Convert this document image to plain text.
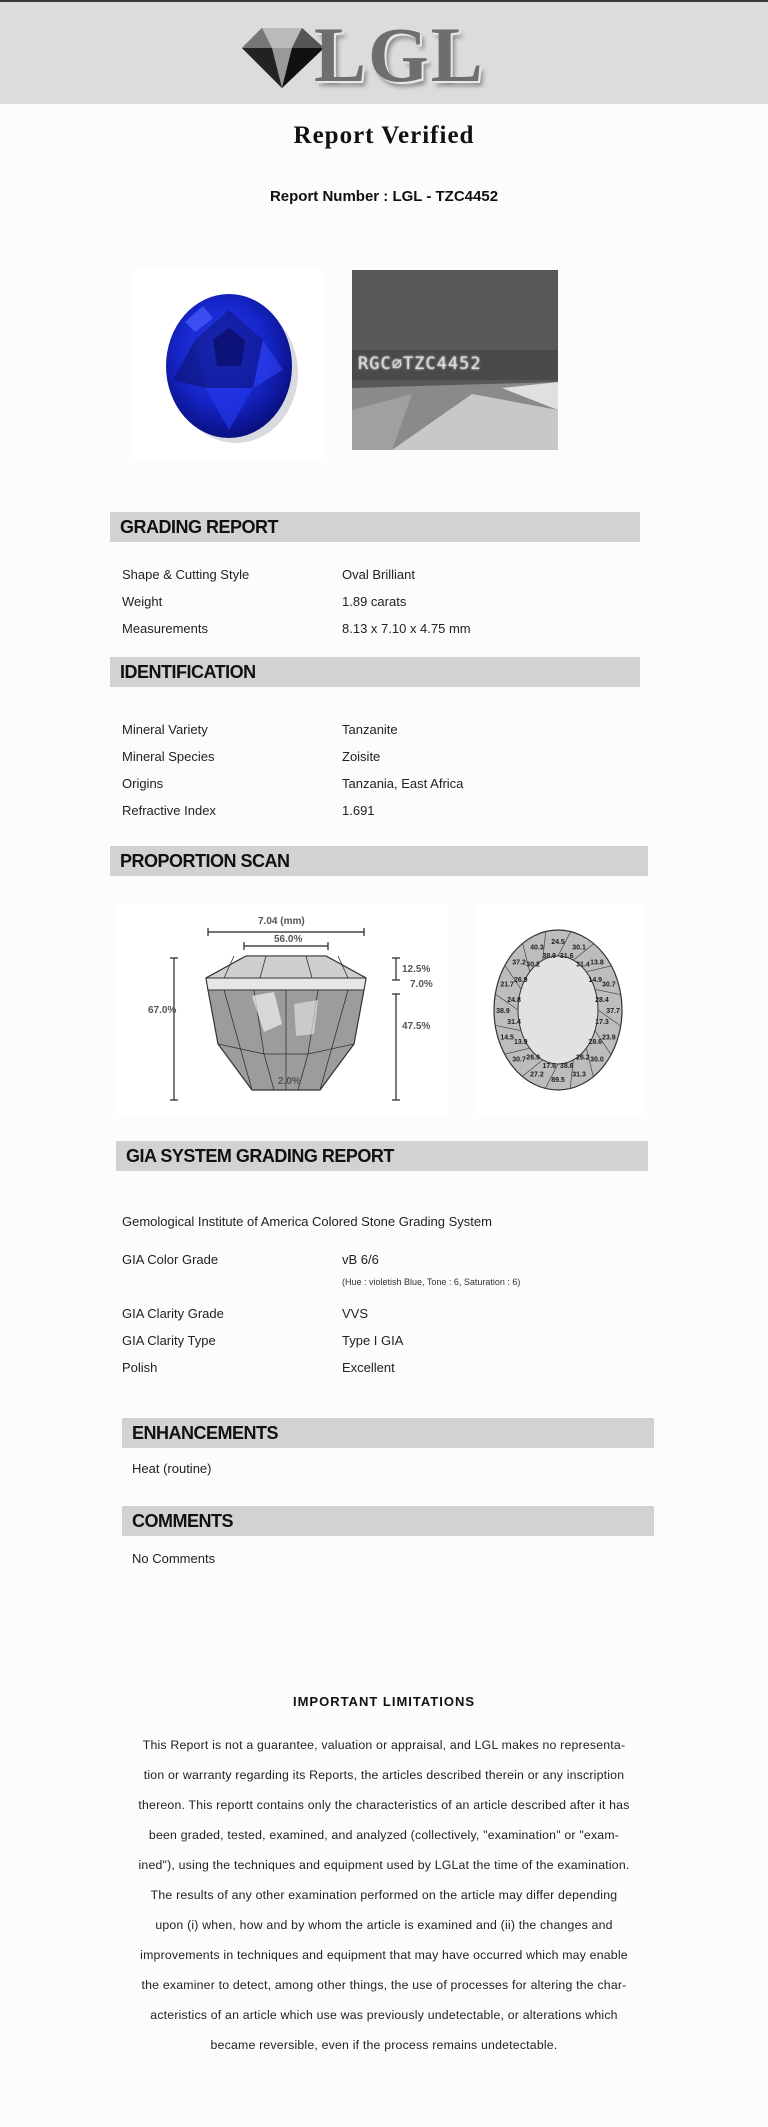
LGL
Report Verified
Report Number : LGL - TZC4452
RGC⌀TZC4452
GRADING REPORT
Shape & Cutting Style	Oval Brilliant
Weight	1.89 carats
Measurements	8.13 x 7.10 x 4.75 mm
IDENTIFICATION
Mineral Variety	Tanzanite
Mineral Species	Zoisite
Origins	Tanzania, East Africa
Refractive Index	1.691
PROPORTION SCAN
7.04 (mm)
56.0%
67.0%
12.5%
7.0%
47.5%
2.0%
24.5
31.6
30.1
31.4 13.8
14.9
30.7
28.4
37.7
17.3
23.9
28.6
30.0
26.2
31.3
38.6
89.5
17.6
27.2
26.9
30.7
13.9
14.5
31.4
38.9
24.8
21.7
26.9
37.2 30.2
40.3
38.9
GIA SYSTEM GRADING REPORT
Gemological Institute of America Colored Stone Grading System
GIA Color Grade	vB 6/6
(Hue : violetish Blue, Tone : 6, Saturation : 6)
GIA Clarity Grade	VVS
GIA Clarity Type	Type I GIA
Polish	Excellent
ENHANCEMENTS
Heat (routine)
COMMENTS
No Comments
IMPORTANT LIMITATIONS
This Report is not a guarantee, valuation or appraisal, and LGL makes no representa-
tion or warranty regarding its Reports, the articles described therein or any inscription
thereon. This reportt contains only the characteristics of an article described after it has
been graded, tested, examined, and analyzed (collectively, "examination" or "exam-
ined"), using the techniques and equipment used by LGLat the time of the examination.
The results of any other examination performed on the article may differ depending
upon (i) when, how and by whom the article is examined and (ii) the changes and
improvements in techniques and equipment that may have occurred which may enable
the examiner to detect, among other things, the use of processes for altering the char-
acteristics of an article which use was previously undetectable, or alterations which
became reversible, even if the process remains undetectable.
